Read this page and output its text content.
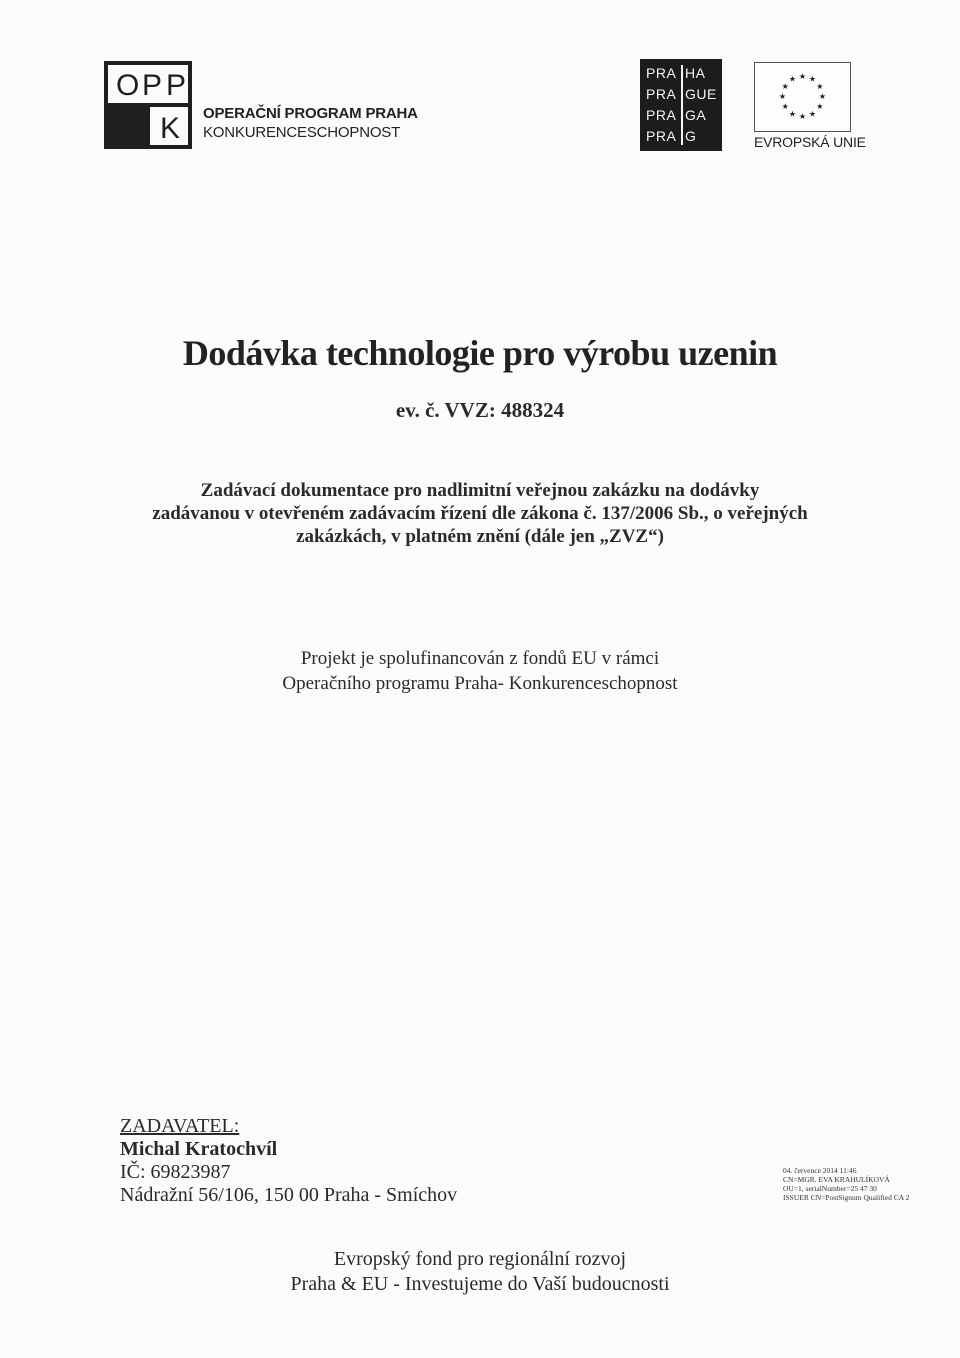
O P P
K OPERAČNÍ PROGRAM PRAHA
KONKURENCESCHOPNOST
PRA HA
PRA GUE
PRA GA
PRA G
★ ★
★
★
★
★
★
★
★
★
★
★
EVROPSKÁ UNIE
Dodávka technologie pro výrobu uzenin
ev. č. VVZ: 488324
Zadávací dokumentace pro nadlimitní veřejnou zakázku na dodávky
zadávanou v otevřeném zadávacím řízení dle zákona č. 137/2006 Sb., o veřejných
zakázkách, v platném znění (dále jen „ZVZ“)
Projekt je spolufinancován z fondů EU v rámci
Operačního programu Praha- Konkurenceschopnost
ZADAVATEL:
Michal Kratochvíl
IČ: 69823987
Nádražní 56/106, 150 00 Praha - Smíchov
04. července 2014 11:46
CN=MGR. EVA KRAHULÍKOVÁ
OU=1, serialNumber=25 47 30
ISSUER CN=PostSignum Qualified CA 2
Evropský fond pro regionální rozvoj
Praha & EU - Investujeme do Vaší budoucnosti
